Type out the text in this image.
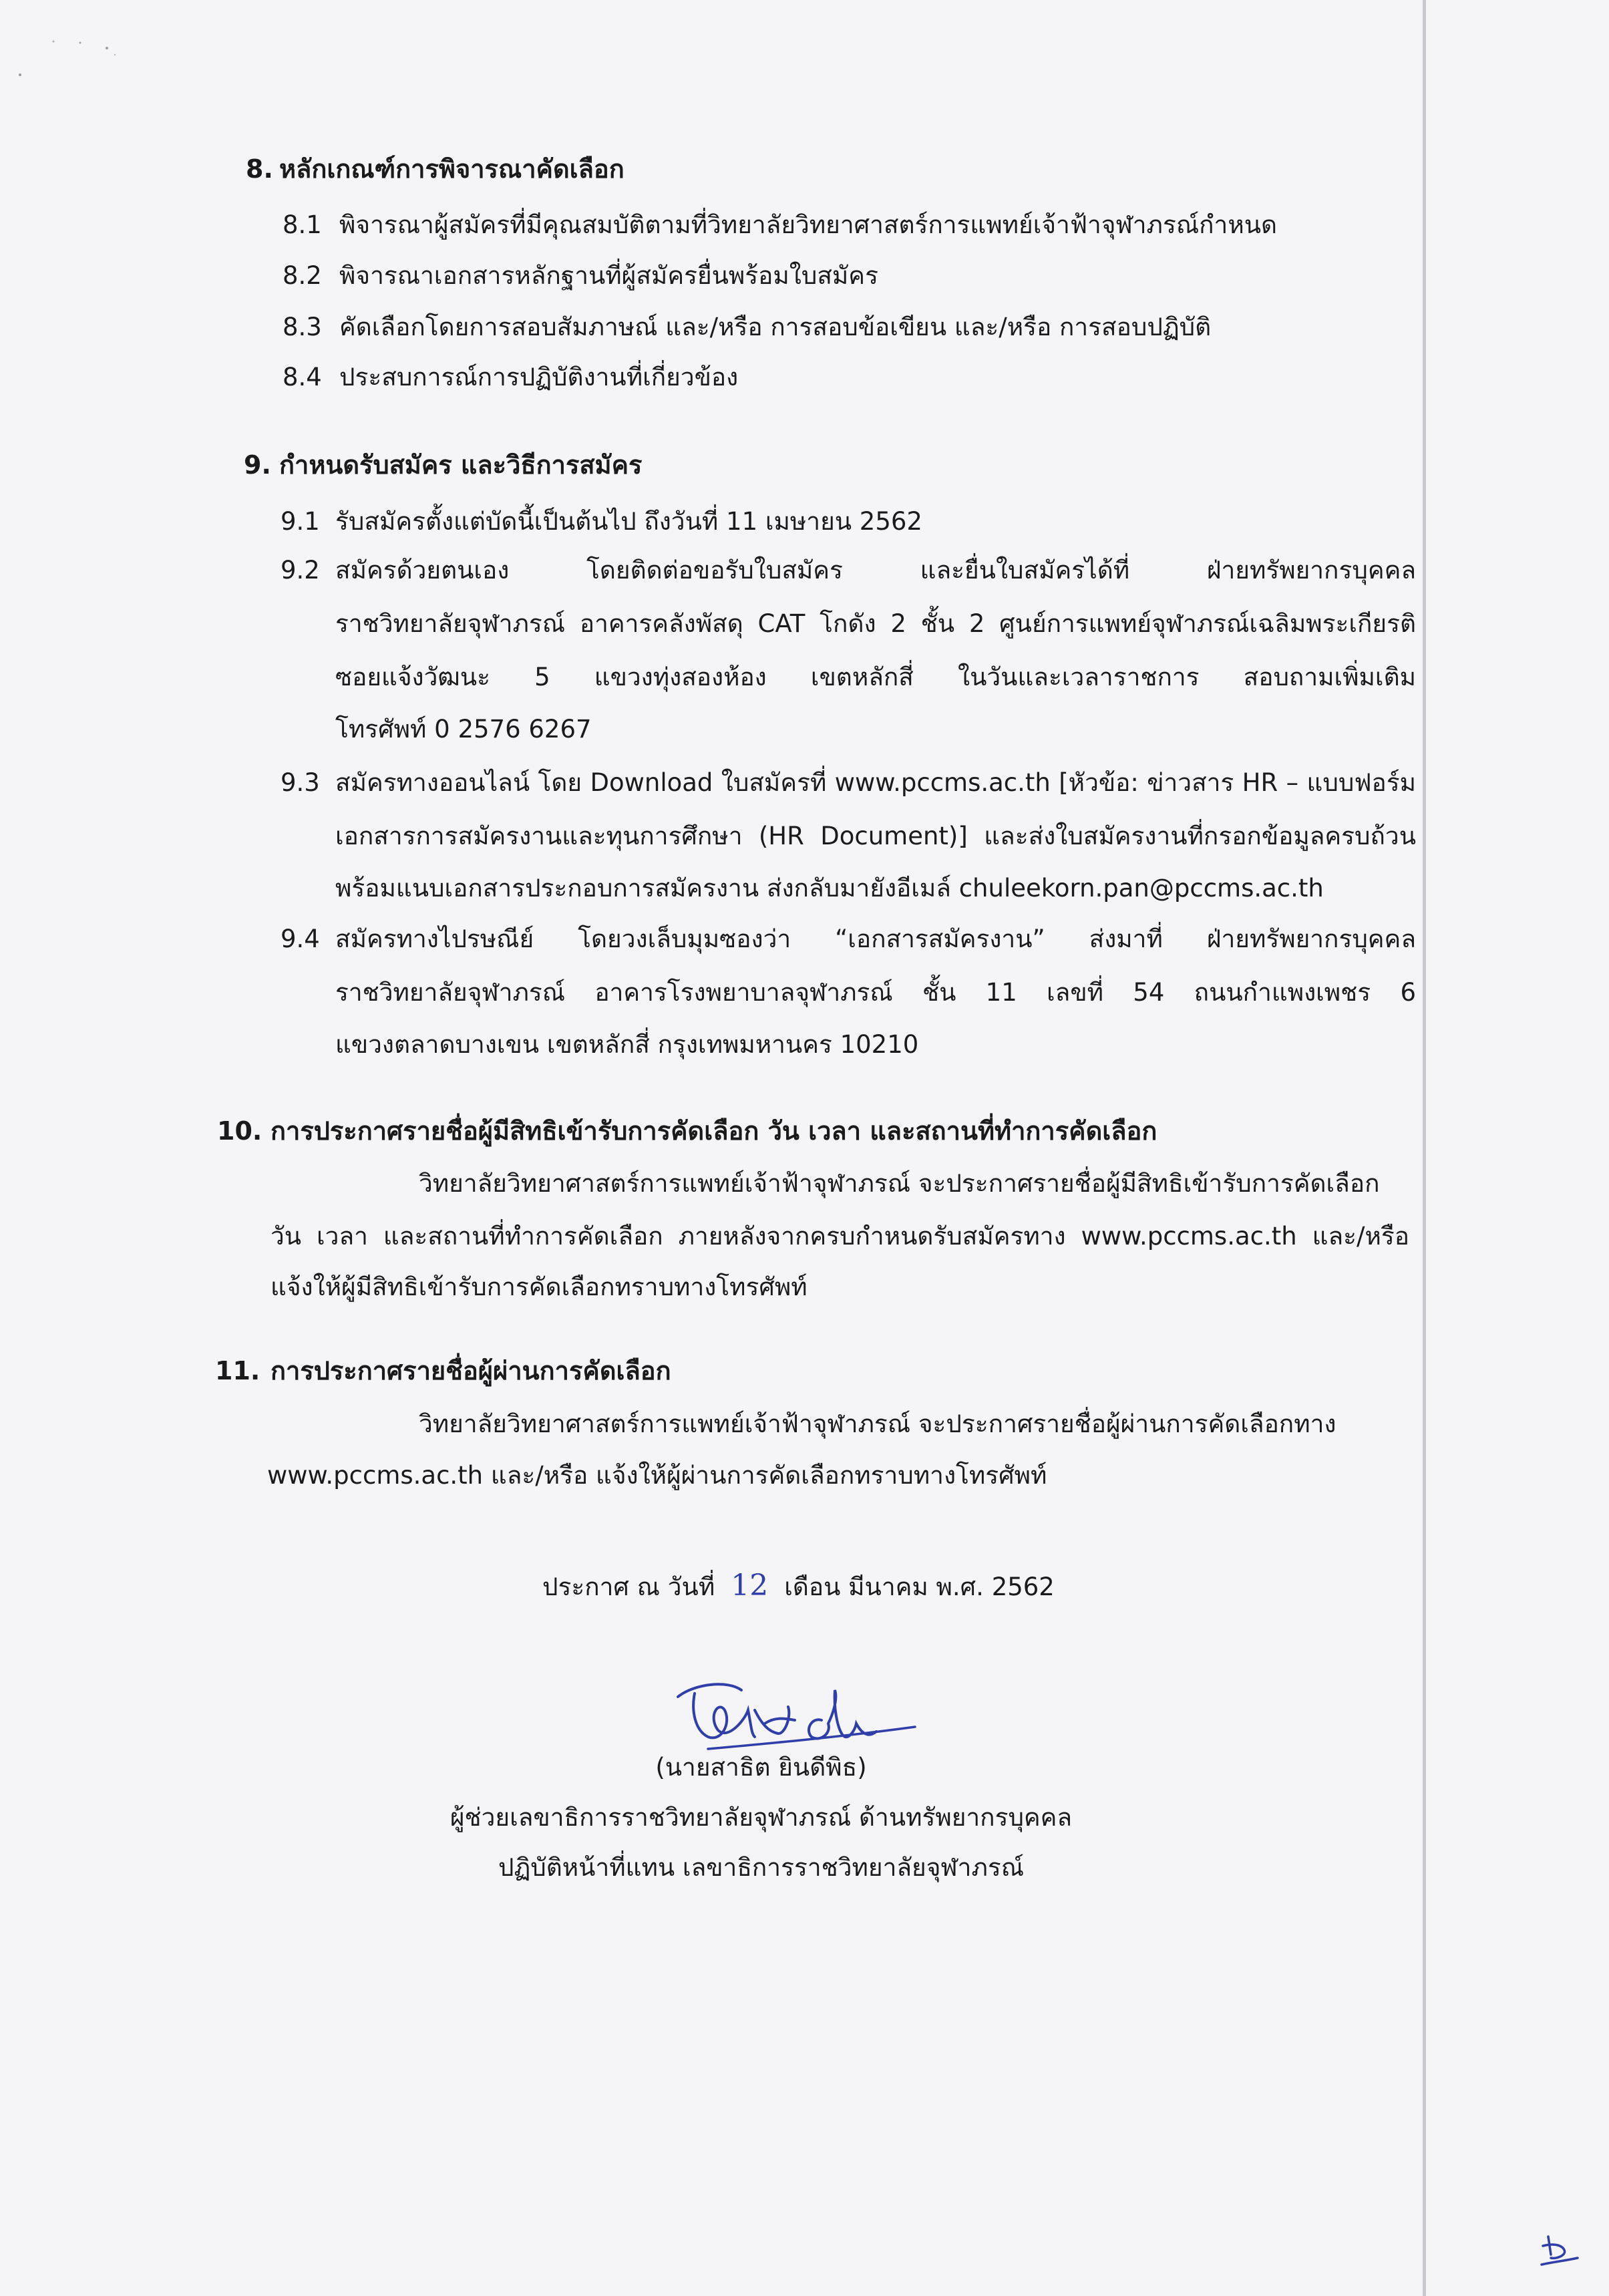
8. หลักเกณฑ์การพิจารณาคัดเลือก
8.1 พิจารณาผู้สมัครที่มีคุณสมบัติตามที่วิทยาลัยวิทยาศาสตร์การแพทย์เจ้าฟ้าจุฬาภรณ์กำหนด
8.2 พิจารณาเอกสารหลักฐานที่ผู้สมัครยื่นพร้อมใบสมัคร
8.3 คัดเลือกโดยการสอบสัมภาษณ์ และ/หรือ การสอบข้อเขียน และ/หรือ การสอบปฏิบัติ
8.4 ประสบการณ์การปฏิบัติงานที่เกี่ยวข้อง
9. กำหนดรับสมัคร และวิธีการสมัคร
9.1 รับสมัครตั้งแต่บัดนี้เป็นต้นไป ถึงวันที่ 11 เมษายน 2562
9.2 สมัครด้วยตนเอง โดยติดต่อขอรับใบสมัคร และยื่นใบสมัครได้ที่ ฝ่ายทรัพยากรบุคคล
ราชวิทยาลัยจุฬาภรณ์ อาคารคลังพัสดุ CAT โกดัง 2 ชั้น 2 ศูนย์การแพทย์จุฬาภรณ์เฉลิมพระเกียรติ
ซอยแจ้งวัฒนะ 5 แขวงทุ่งสองห้อง เขตหลักสี่ ในวันและเวลาราชการ สอบถามเพิ่มเติม
โทรศัพท์ 0 2576 6267
9.3 สมัครทางออนไลน์ โดย Download ใบสมัครที่ www.pccms.ac.th [หัวข้อ: ข่าวสาร HR – แบบฟอร์ม
เอกสารการสมัครงานและทุนการศึกษา (HR Document)] และส่งใบสมัครงานที่กรอกข้อมูลครบถ้วน
พร้อมแนบเอกสารประกอบการสมัครงาน ส่งกลับมายังอีเมล์ chuleekorn.pan@pccms.ac.th
9.4 สมัครทางไปรษณีย์ โดยวงเล็บมุมซองว่า “เอกสารสมัครงาน” ส่งมาที่ ฝ่ายทรัพยากรบุคคล
ราชวิทยาลัยจุฬาภรณ์ อาคารโรงพยาบาลจุฬาภรณ์ ชั้น 11 เลขที่ 54 ถนนกำแพงเพชร 6
แขวงตลาดบางเขน เขตหลักสี่ กรุงเทพมหานคร 10210
10. การประกาศรายชื่อผู้มีสิทธิเข้ารับการคัดเลือก วัน เวลา และสถานที่ทำการคัดเลือก
วิทยาลัยวิทยาศาสตร์การแพทย์เจ้าฟ้าจุฬาภรณ์ จะประกาศรายชื่อผู้มีสิทธิเข้ารับการคัดเลือก
วัน เวลา และสถานที่ทำการคัดเลือก ภายหลังจากครบกำหนดรับสมัครทาง www.pccms.ac.th และ/หรือ
แจ้งให้ผู้มีสิทธิเข้ารับการคัดเลือกทราบทางโทรศัพท์
11. การประกาศรายชื่อผู้ผ่านการคัดเลือก
วิทยาลัยวิทยาศาสตร์การแพทย์เจ้าฟ้าจุฬาภรณ์ จะประกาศรายชื่อผู้ผ่านการคัดเลือกทาง
www.pccms.ac.th และ/หรือ แจ้งให้ผู้ผ่านการคัดเลือกทราบทางโทรศัพท์
ประกาศ ณ วันที่ 12 เดือน มีนาคม พ.ศ. 2562
(นายสาธิต ยินดีพิธ)
ผู้ช่วยเลขาธิการราชวิทยาลัยจุฬาภรณ์ ด้านทรัพยากรบุคคล
ปฏิบัติหน้าที่แทน เลขาธิการราชวิทยาลัยจุฬาภรณ์
